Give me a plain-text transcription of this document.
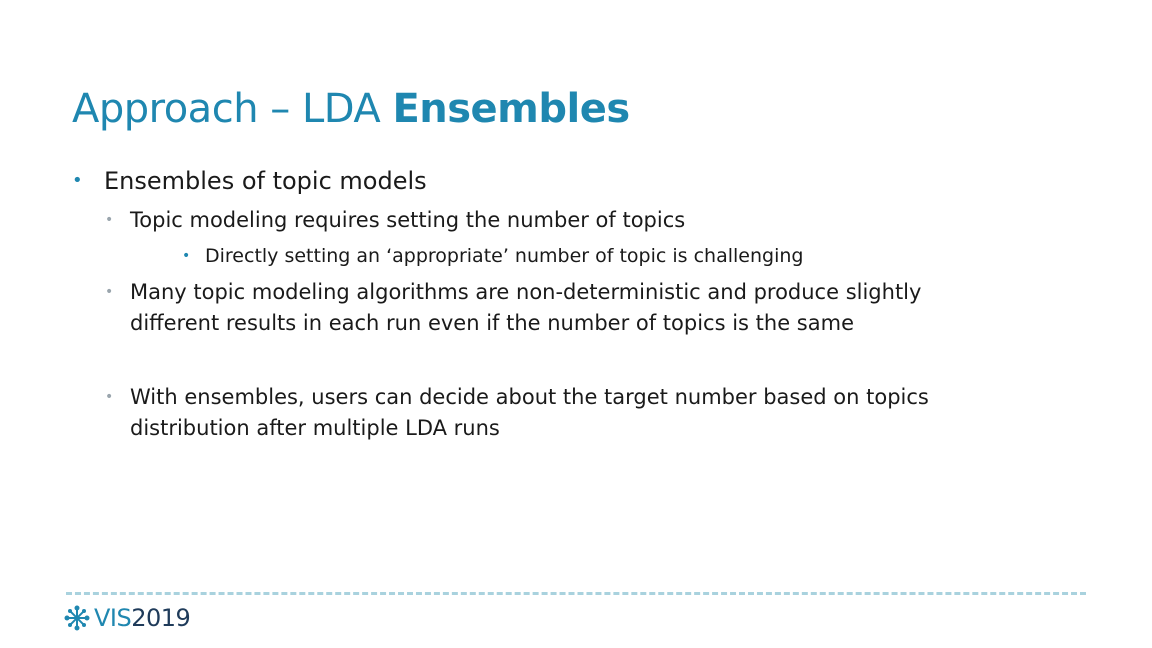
Approach – LDA Ensembles
• Ensembles of topic models
• Topic modeling requires setting the number of topics
• Directly setting an ‘appropriate’ number of topic is challenging
• Many topic modeling algorithms are non-deterministic and produce slightly
different results in each run even if the number of topics is the same
• With ensembles, users can decide about the target number based on topics
distribution after multiple LDA runs
VIS2019
